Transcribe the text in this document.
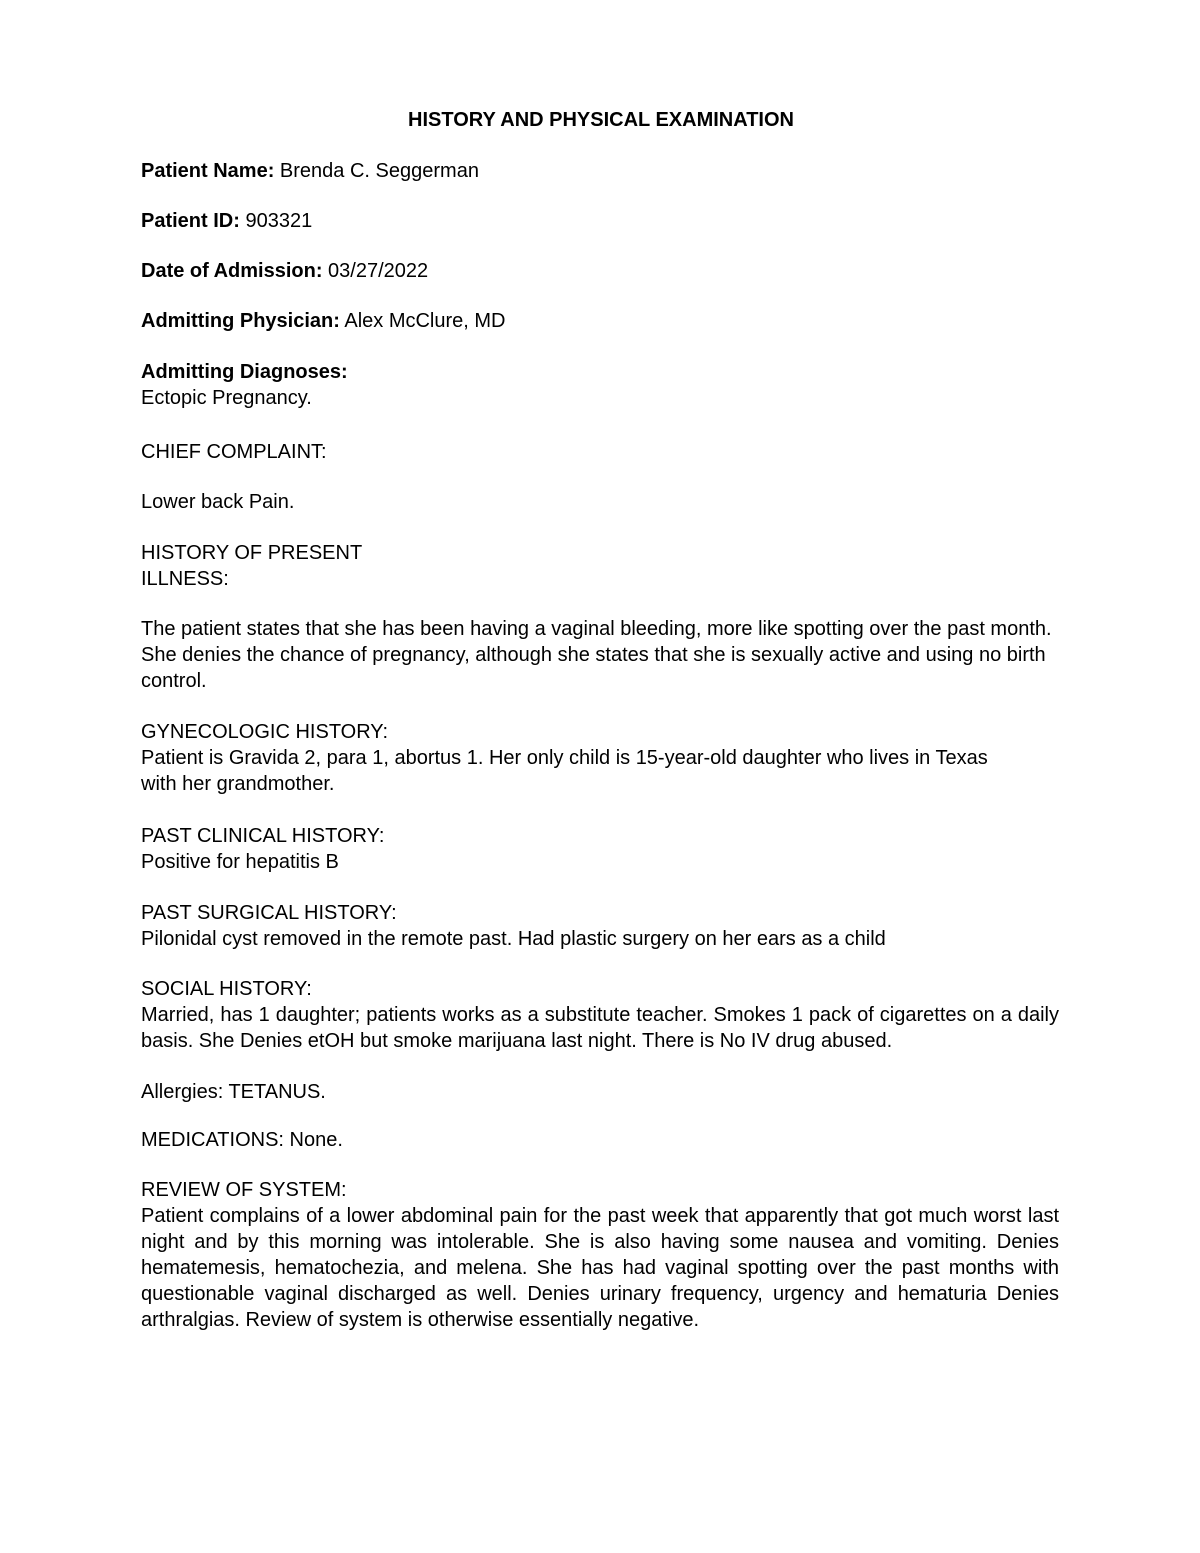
HISTORY AND PHYSICAL EXAMINATION
Patient Name: Brenda C. Seggerman
Patient ID: 903321
Date of Admission: 03/27/2022
Admitting Physician: Alex McClure, MD
Admitting Diagnoses:
Ectopic Pregnancy.
CHIEF COMPLAINT:
Lower back Pain.
HISTORY OF PRESENT
ILLNESS:
The patient states that she has been having a vaginal bleeding, more like spotting over the past month. She denies the chance of pregnancy, although she states that she is sexually active and using no birth control.
GYNECOLOGIC HISTORY:
Patient is Gravida 2, para 1, abortus 1. Her only child is 15-year-old daughter who lives in Texas with her grandmother.
PAST CLINICAL HISTORY:
Positive for hepatitis B
PAST SURGICAL HISTORY:
Pilonidal cyst removed in the remote past. Had plastic surgery on her ears as a child
SOCIAL HISTORY:
Married, has 1 daughter; patients works as a substitute teacher. Smokes 1 pack of cigarettes on a daily basis. She Denies etOH but smoke marijuana last night. There is No IV drug abused.
Allergies: TETANUS.
MEDICATIONS: None.
REVIEW OF SYSTEM:
Patient complains of a lower abdominal pain for the past week that apparently that got much worst last night and by this morning was intolerable. She is also having some nausea and vomiting. Denies hematemesis, hematochezia, and melena. She has had vaginal spotting over the past months with questionable vaginal discharged as well. Denies urinary frequency, urgency and hematuria Denies arthralgias. Review of system is otherwise essentially negative.
